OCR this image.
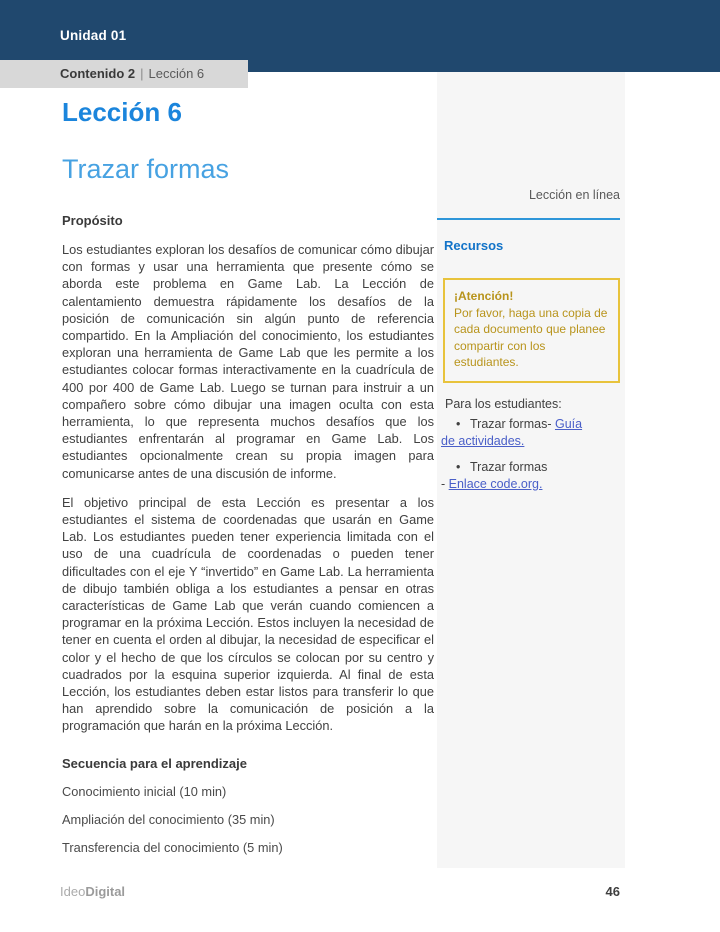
Unidad 01
Contenido 2 | Lección 6
Lección 6
Trazar formas
Propósito

Los estudiantes exploran los desafíos de comunicar cómo dibujar con formas y usar una herramienta que presente cómo se aborda este problema en Game Lab. La Lección de calentamiento demuestra rápidamente los desafíos de la posición de comunicación sin algún punto de referencia compartido. En la Ampliación del conocimiento, los estudiantes exploran una herramienta de Game Lab que les permite a los estudiantes colocar formas interactivamente en la cuadrícula de 400 por 400 de Game Lab. Luego se turnan para instruir a un compañero sobre cómo dibujar una imagen oculta con esta herramienta, lo que representa muchos desafíos que los estudiantes enfrentarán al programar en Game Lab. Los estudiantes opcionalmente crean su propia imagen para comunicarse antes de una discusión de informe.

El objetivo principal de esta Lección es presentar a los estudiantes el sistema de coordenadas que usarán en Game Lab. Los estudiantes pueden tener experiencia limitada con el uso de una cuadrícula de coordenadas o pueden tener dificultades con el eje Y “invertido” en Game Lab. La herramienta de dibujo también obliga a los estudiantes a pensar en otras características de Game Lab que verán cuando comiencen a programar en la próxima Lección. Estos incluyen la necesidad de tener en cuenta el orden al dibujar, la necesidad de especificar el color y el hecho de que los círculos se colocan por su centro y cuadrados por la esquina superior izquierda. Al final de esta Lección, los estudiantes deben estar listos para transferir lo que han aprendido sobre la comunicación de posición a la programación que harán en la próxima Lección.

Secuencia para el aprendizaje

Conocimiento inicial (10 min)

Ampliación del conocimiento (35 min)

Transferencia del conocimiento (5 min)

Lección en línea
Recursos
¡Atención!
Por favor, haga una copia de cada documento que planee compartir con los estudiantes.
Para los estudiantes:
• Trazar formas- Guía
de actividades.
• Trazar formas
- Enlace code.org.
IdeoDigital	46
